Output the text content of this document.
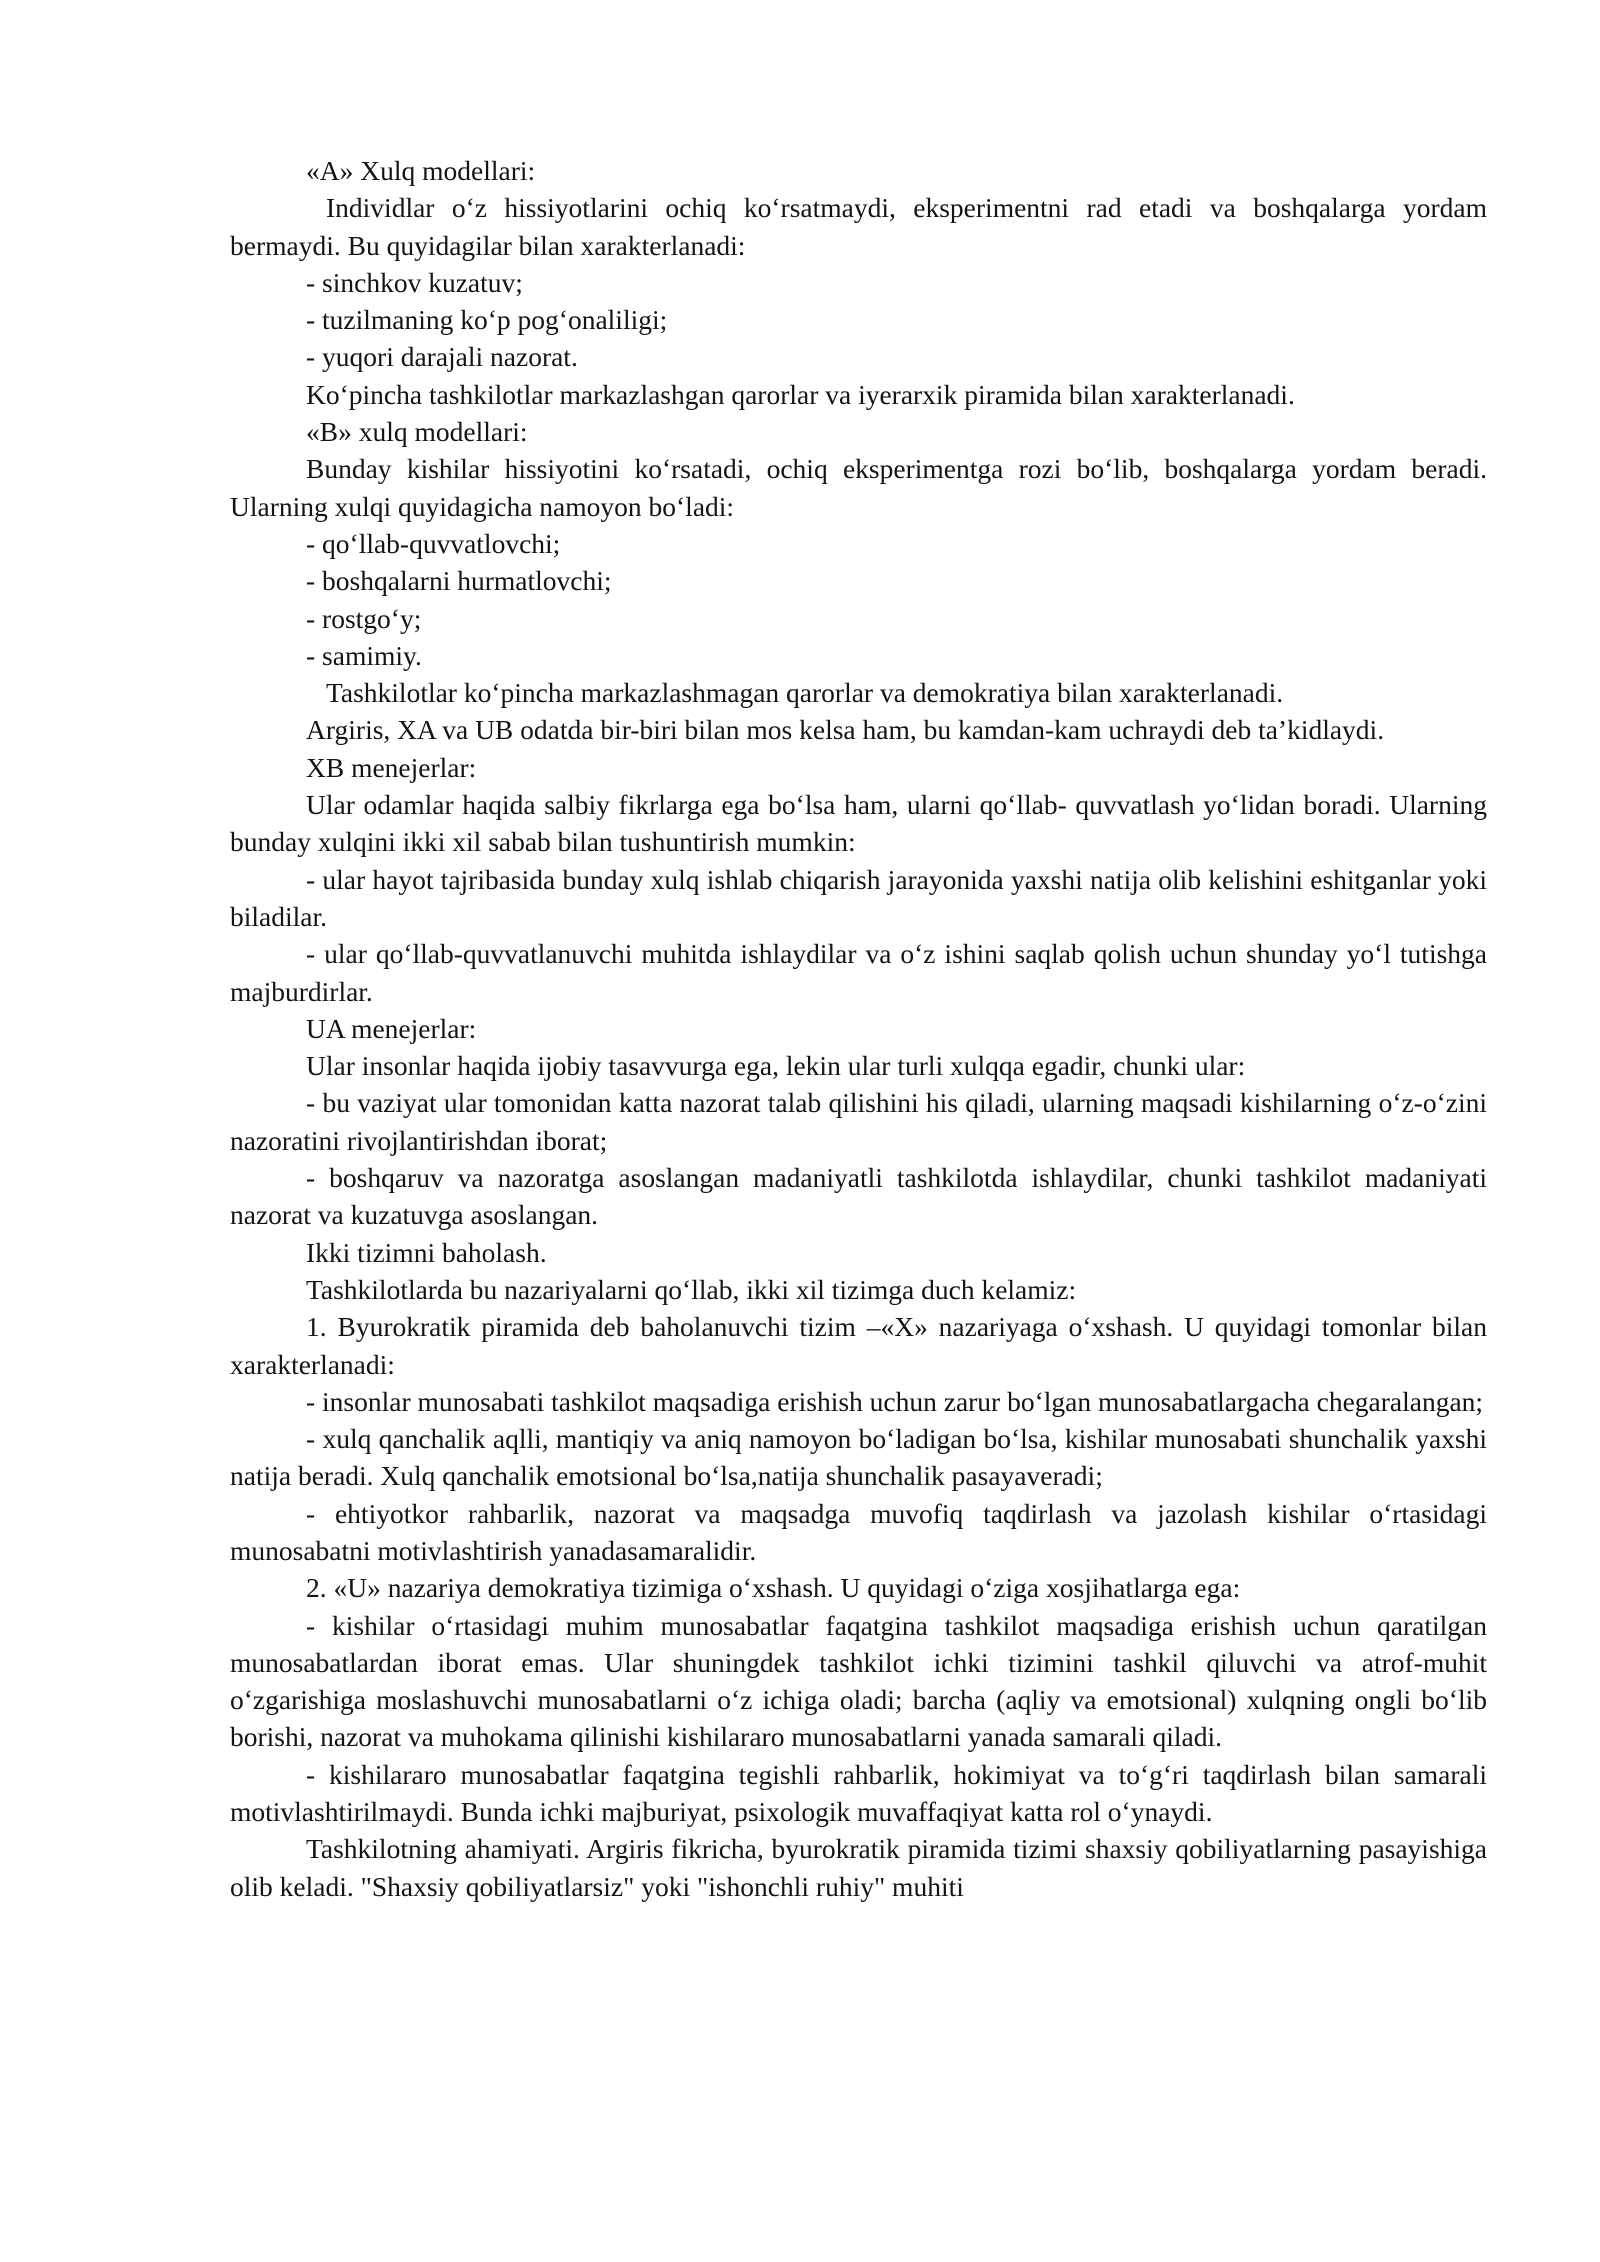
«A» Xulq modellari:

Individlar o‘z hissiyotlarini ochiq ko‘rsatmaydi, eksperimentni rad etadi va boshqalarga yordam bermaydi. Bu quyidagilar bilan xarakterlanadi:

- sinchkov kuzatuv;

- tuzilmaning ko‘p pog‘onaliligi;

- yuqori darajali nazorat.

Ko‘pincha tashkilotlar markazlashgan qarorlar va iyerarxik piramida bilan xarakterlanadi.

«B» xulq modellari:

Bunday kishilar hissiyotini ko‘rsatadi, ochiq eksperimentga rozi bo‘lib, boshqalarga yordam beradi. Ularning xulqi quyidagicha namoyon bo‘ladi:

- qo‘llab-quvvatlovchi;

- boshqalarni hurmatlovchi;

- rostgo‘y;

- samimiy.

Tashkilotlar ko‘pincha markazlashmagan qarorlar va demokratiya bilan xarakterlanadi.

Argiris, XA va UB odatda bir-biri bilan mos kelsa ham, bu kamdan-kam uchraydi deb ta’kidlaydi.

XB menejerlar:

Ular odamlar haqida salbiy fikrlarga ega bo‘lsa ham, ularni qo‘llab- quvvatlash yo‘lidan boradi. Ularning bunday xulqini ikki xil sabab bilan tushuntirish mumkin:

- ular hayot tajribasida bunday xulq ishlab chiqarish jarayonida yaxshi natija olib kelishini eshitganlar yoki biladilar.

- ular qo‘llab-quvvatlanuvchi muhitda ishlaydilar va o‘z ishini saqlab qolish uchun shunday yo‘l tutishga majburdirlar.

UA menejerlar:

Ular insonlar haqida ijobiy tasavvurga ega, lekin ular turli xulqqa egadir, chunki ular:

- bu vaziyat ular tomonidan katta nazorat talab qilishini his qiladi, ularning maqsadi kishilarning o‘z-o‘zini nazoratini rivojlantirishdan iborat;

- boshqaruv va nazoratga asoslangan madaniyatli tashkilotda ishlaydilar, chunki tashkilot madaniyati nazorat va kuzatuvga asoslangan.

Ikki tizimni baholash.

Tashkilotlarda bu nazariyalarni qo‘llab, ikki xil tizimga duch kelamiz:

1. Byurokratik piramida deb baholanuvchi tizim –«X» nazariyaga o‘xshash. U quyidagi tomonlar bilan xarakterlanadi:

- insonlar munosabati tashkilot maqsadiga erishish uchun zarur bo‘lgan munosabatlargacha chegaralangan;

- xulq qanchalik aqlli, mantiqiy va aniq namoyon bo‘ladigan bo‘lsa, kishilar munosabati shunchalik yaxshi natija beradi. Xulq qanchalik emotsional bo‘lsa,natija shunchalik pasayaveradi;

- ehtiyotkor rahbarlik, nazorat va maqsadga muvofiq taqdirlash va jazolash kishilar o‘rtasidagi munosabatni motivlashtirish yanadasamaralidir.

2. «U» nazariya demokratiya tizimiga o‘xshash. U quyidagi o‘ziga xosjihatlarga ega:

- kishilar o‘rtasidagi muhim munosabatlar faqatgina tashkilot maqsadiga erishish uchun qaratilgan munosabatlardan iborat emas. Ular shuningdek tashkilot ichki tizimini tashkil qiluvchi va atrof-muhit o‘zgarishiga moslashuvchi munosabatlarni o‘z ichiga oladi; barcha (aqliy va emotsional) xulqning ongli bo‘lib borishi, nazorat va muhokama qilinishi kishilararo munosabatlarni yanada samarali qiladi.

- kishilararo munosabatlar faqatgina tegishli rahbarlik, hokimiyat va to‘g‘ri taqdirlash bilan samarali motivlashtirilmaydi. Bunda ichki majburiyat, psixologik muvaffaqiyat katta rol o‘ynaydi.

Tashkilotning ahamiyati. Argiris fikricha, byurokratik piramida tizimi shaxsiy qobiliyatlarning pasayishiga olib keladi. "Shaxsiy qobiliyatlarsiz" yoki "ishonchli ruhiy" muhiti
